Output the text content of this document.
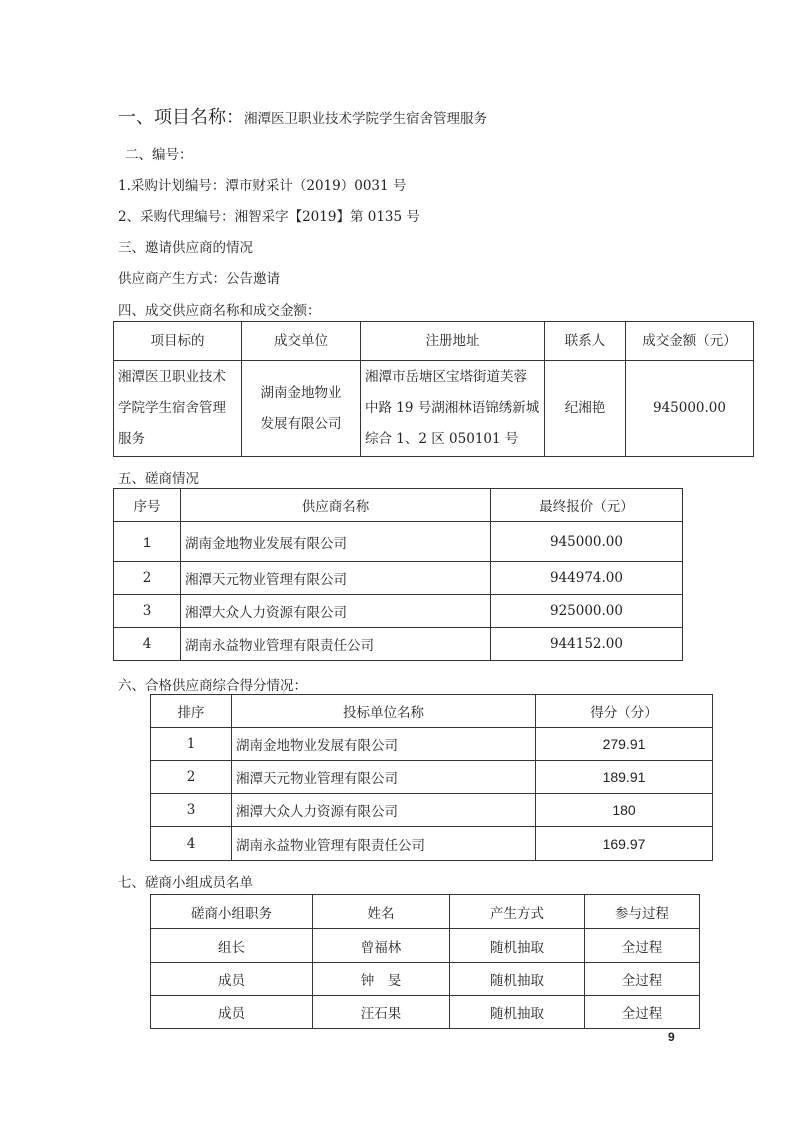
一、项目名称：湘潭医卫职业技术学院学生宿舍管理服务
二、编号：
1.采购计划编号：潭市财采计（2019）0031 号
2、采购代理编号：湘智采字【2019】第 0135 号
三、邀请供应商的情况
供应商产生方式：公告邀请
四、成交供应商名称和成交金额：
项目标的	成交单位	注册地址	联系人	成交金额（元）
湘潭医卫职业技术学院学生宿舍管理服务	湖南金地物业发展有限公司	湘潭市岳塘区宝塔街道芙蓉中路 19 号湖湘林语锦绣新城综合 1、2 区 050101 号	纪湘艳	945000.00
五、磋商情况
序号	供应商名称	最终报价（元）
1	湖南金地物业发展有限公司	945000.00
2	湘潭天元物业管理有限公司	944974.00
3	湘潭大众人力资源有限公司	925000.00
4	湖南永益物业管理有限责任公司	944152.00
六、合格供应商综合得分情况：
排序	投标单位名称	得分（分）
1	湖南金地物业发展有限公司	279.91
2	湘潭天元物业管理有限公司	189.91
3	湘潭大众人力资源有限公司	180
4	湖南永益物业管理有限责任公司	169.97
七、磋商小组成员名单
磋商小组职务	姓名	产生方式	参与过程
组长	曾福林	随机抽取	全过程
成员	钟　旻	随机抽取	全过程
成员	汪石果	随机抽取	全过程
9
